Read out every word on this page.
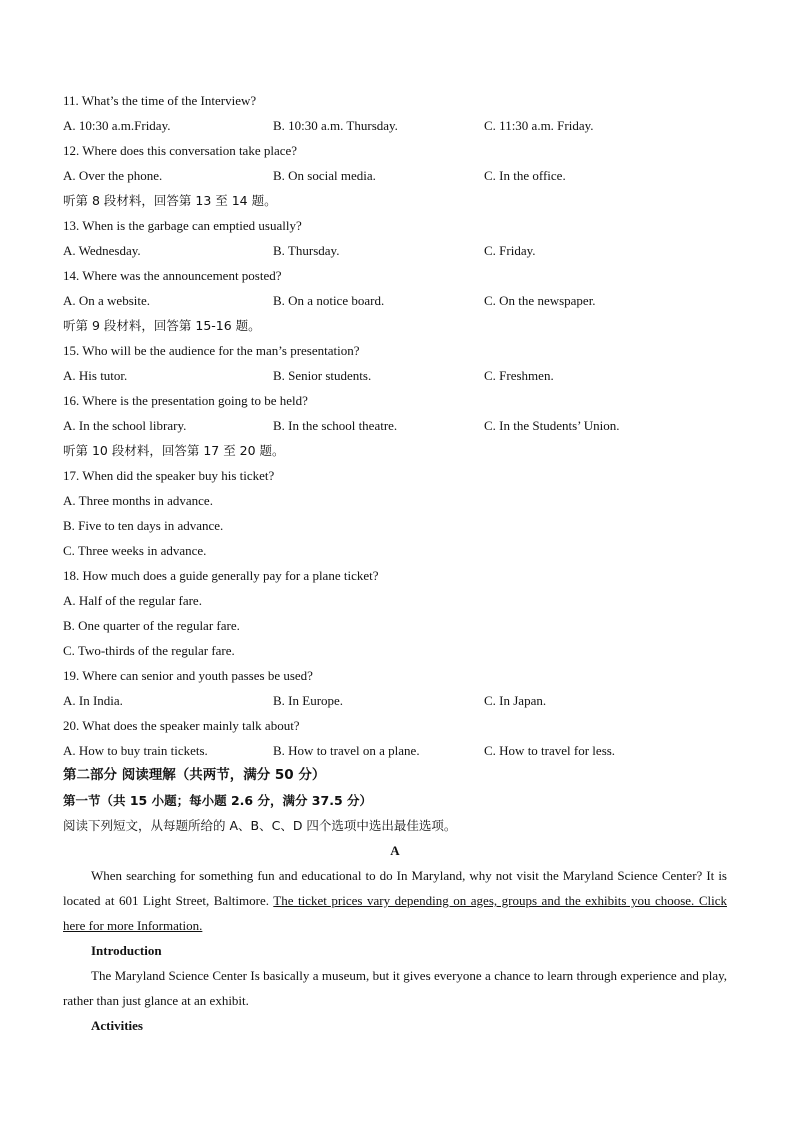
11. What’s the time of the Interview?
A. 10:30 a.m.Friday.	B. 10:30 a.m. Thursday.	C. 11:30 a.m. Friday.
12. Where does this conversation take place?
A. Over the phone.	B. On social media.	C. In the office.
听第 8 段材料，回答第 13 至 14 题。
13. When is the garbage can emptied usually?
A. Wednesday.	B. Thursday.	C. Friday.
14. Where was the announcement posted?
A. On a website.	B. On a notice board.	C. On the newspaper.
听第 9 段材料，回答第 15-16 题。
15. Who will be the audience for the man’s presentation?
A. His tutor.	B. Senior students.	C. Freshmen.
16. Where is the presentation going to be held?
A. In the school library.	B. In the school theatre.	C. In the Students’ Union.
听第 10 段材料，回答第 17 至 20 题。
17. When did the speaker buy his ticket?
A. Three months in advance.
B. Five to ten days in advance.
C. Three weeks in advance.
18. How much does a guide generally pay for a plane ticket?
A. Half of the regular fare.
B. One quarter of the regular fare.
C. Two-thirds of the regular fare.
19. Where can senior and youth passes be used?
A. In India.	B. In Europe.	C. In Japan.
20. What does the speaker mainly talk about?
A. How to buy train tickets.	B. How to travel on a plane.	C. How to travel for less.
第二部分 阅读理解（共两节，满分 50 分）
第一节（共 15 小题；每小题 2.6 分，满分 37.5 分）
阅读下列短文，从每题所给的 A、B、C、D 四个选项中选出最佳选项。
A
When searching for something fun and educational to do In Maryland, why not visit the Maryland Science Center? It is located at 601 Light Street, Baltimore. The ticket prices vary depending on ages, groups and the exhibits you choose. Click here for more Information.
Introduction
The Maryland Science Center Is basically a museum, but it gives everyone a chance to learn through experience and play, rather than just glance at an exhibit.
Activities
